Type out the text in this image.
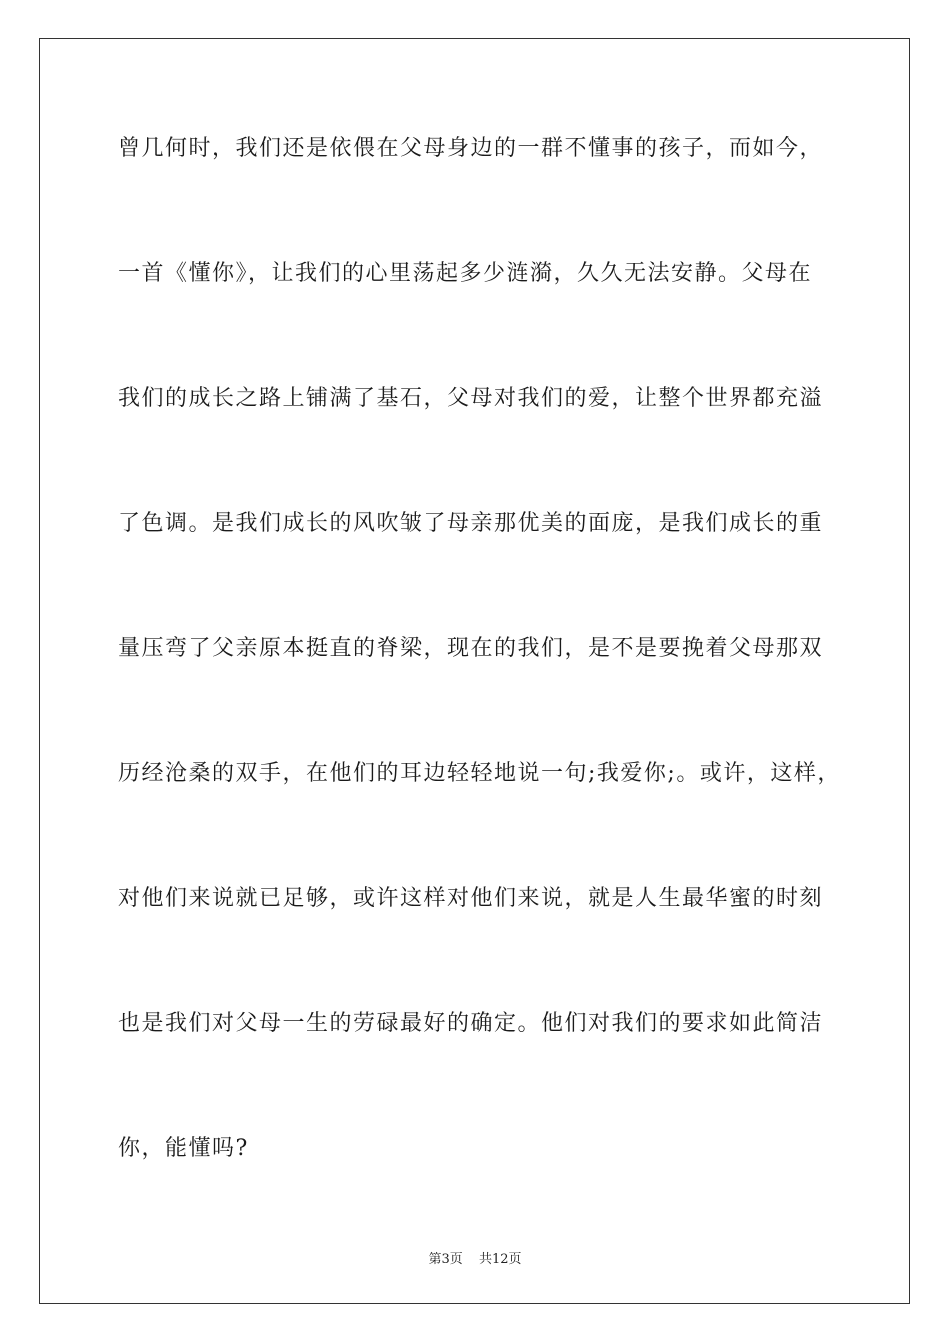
曾几何时，我们还是依偎在父母身边的一群不懂事的孩子，而如今，
一首《懂你》，让我们的心里荡起多少涟漪，久久无法安静。父母在
我们的成长之路上铺满了基石，父母对我们的爱，让整个世界都充溢
了色调。是我们成长的风吹皱了母亲那优美的面庞，是我们成长的重
量压弯了父亲原本挺直的脊梁，现在的我们，是不是要挽着父母那双
历经沧桑的双手，在他们的耳边轻轻地说一句;我爱你;。或许，这样，
对他们来说就已足够，或许这样对他们来说，就是人生最华蜜的时刻
也是我们对父母一生的劳碌最好的确定。他们对我们的要求如此简洁
你，能懂吗?
第3页 共12页
